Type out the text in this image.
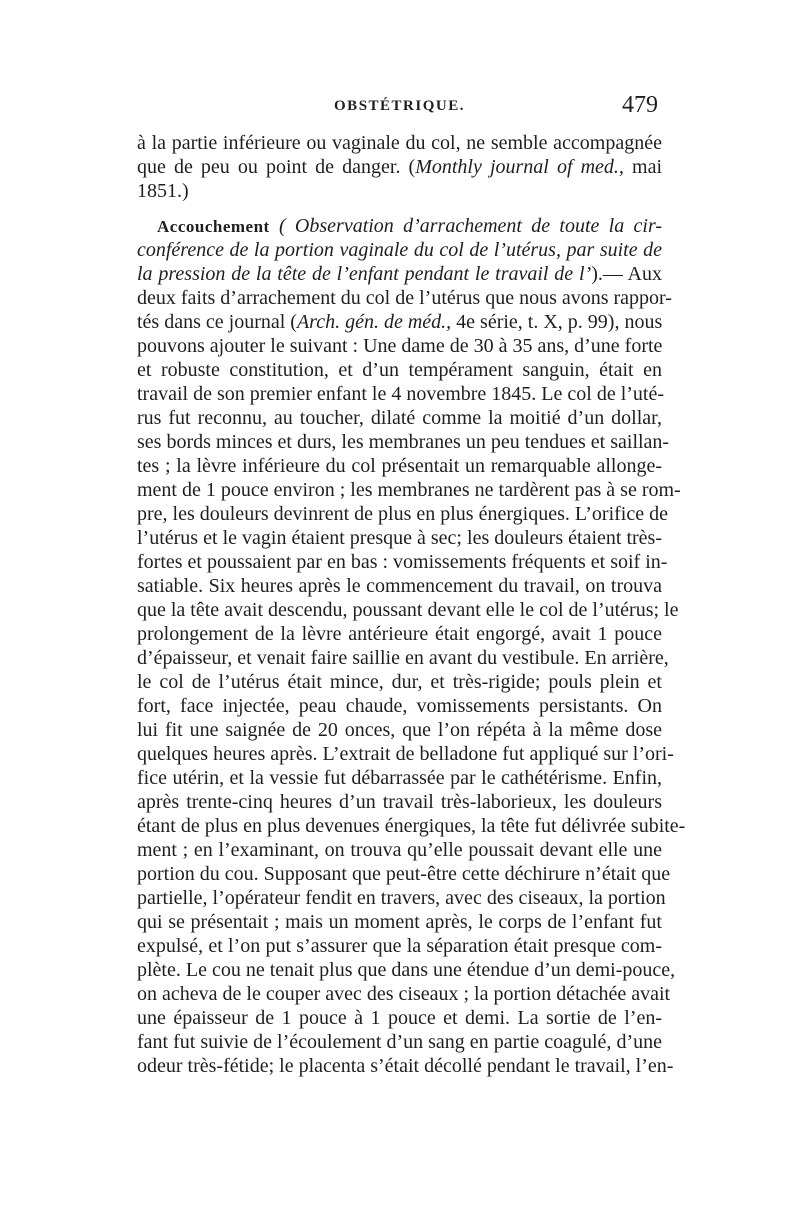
OBSTÉTRIQUE.	479
à la partie inférieure ou vaginale du col, ne semble accompagnée
que de peu ou point de danger. (Monthly journal of med., mai
1851.)
Accouchement ( Observation d’arrachement de toute la cir-
conférence de la portion vaginale du col de l’utérus, par suite de
la pression de la tête de l’enfant pendant le travail de l’).— Aux
deux faits d’arrachement du col de l’utérus que nous avons rappor-
tés dans ce journal (Arch. gén. de méd., 4e série, t. X, p. 99), nous
pouvons ajouter le suivant : Une dame de 30 à 35 ans, d’une forte
et robuste constitution, et d’un tempérament sanguin, était en
travail de son premier enfant le 4 novembre 1845. Le col de l’uté-
rus fut reconnu, au toucher, dilaté comme la moitié d’un dollar,
ses bords minces et durs, les membranes un peu tendues et saillan-
tes ; la lèvre inférieure du col présentait un remarquable allonge-
ment de 1 pouce environ ; les membranes ne tardèrent pas à se rom-
pre, les douleurs devinrent de plus en plus énergiques. L’orifice de
l’utérus et le vagin étaient presque à sec; les douleurs étaient très-
fortes et poussaient par en bas : vomissements fréquents et soif in-
satiable. Six heures après le commencement du travail, on trouva
que la tête avait descendu, poussant devant elle le col de l’utérus; le
prolongement de la lèvre antérieure était engorgé, avait 1 pouce
d’épaisseur, et venait faire saillie en avant du vestibule. En arrière,
le col de l’utérus était mince, dur, et très-rigide; pouls plein et
fort, face injectée, peau chaude, vomissements persistants. On
lui fit une saignée de 20 onces, que l’on répéta à la même dose
quelques heures après. L’extrait de belladone fut appliqué sur l’ori-
fice utérin, et la vessie fut débarrassée par le cathétérisme. Enfin,
après trente-cinq heures d’un travail très-laborieux, les douleurs
étant de plus en plus devenues énergiques, la tête fut délivrée subite-
ment ; en l’examinant, on trouva qu’elle poussait devant elle une
portion du cou. Supposant que peut-être cette déchirure n’était que
partielle, l’opérateur fendit en travers, avec des ciseaux, la portion
qui se présentait ; mais un moment après, le corps de l’enfant fut
expulsé, et l’on put s’assurer que la séparation était presque com-
plète. Le cou ne tenait plus que dans une étendue d’un demi-pouce,
on acheva de le couper avec des ciseaux ; la portion détachée avait
une épaisseur de 1 pouce à 1 pouce et demi. La sortie de l’en-
fant fut suivie de l’écoulement d’un sang en partie coagulé, d’une
odeur très-fétide; le placenta s’était décollé pendant le travail, l’en-
